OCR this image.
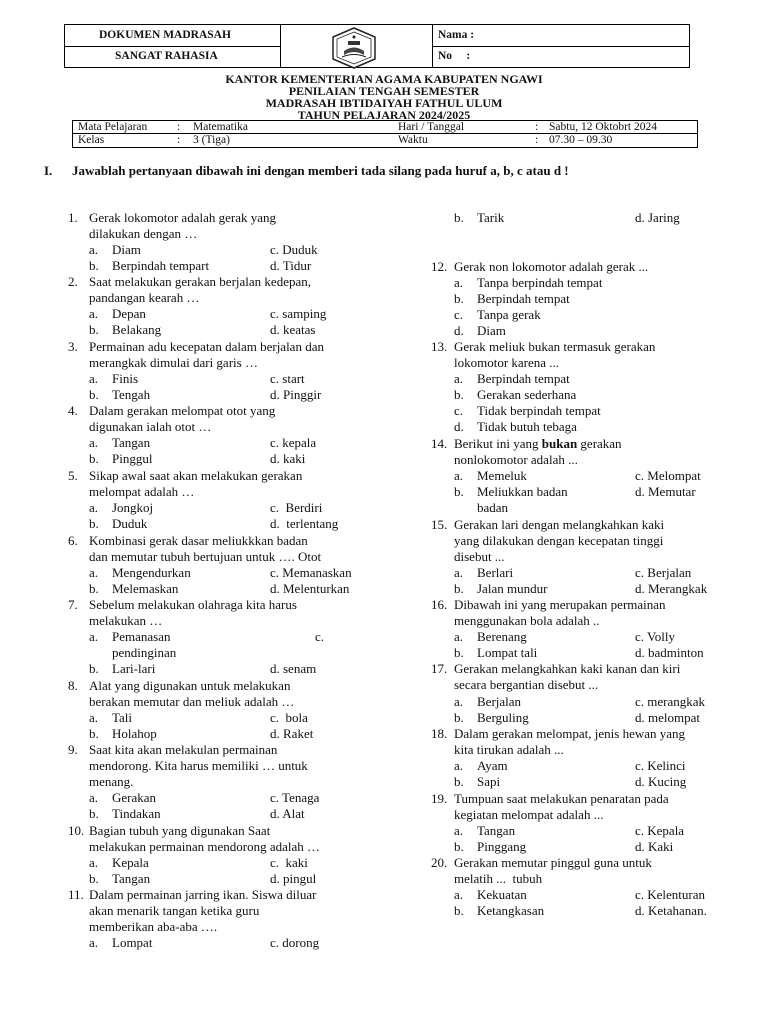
DOKUMEN MADRASAH
SANGAT RAHASIA
Nama :
No     :
KANTOR KEMENTERIAN AGAMA KABUPATEN NGAWI
PENILAIAN TENGAH SEMESTER
MADRASAH IBTIDAIYAH FATHUL ULUM
TAHUN PELAJARAN 2024/2025
Mata Pelajaran	: Matematika
Kelas	: 3 (Tiga)
Hari / Tanggal	: Sabtu, 12 Oktobrt 2024
Waktu	: 07.30 – 09.30
I. Jawablah pertanyaan dibawah ini dengan memberi tada silang pada huruf a, b, c atau d !
1. Gerak lokomotor adalah gerak yang
dilakukan dengan …
a. Diam	c. Duduk
b. Berpindah tempart	d. Tidur
2. Saat melakukan gerakan berjalan kedepan,
pandangan kearah …
a. Depan	c. samping
b. Belakang	d. keatas
3. Permainan adu kecepatan dalam berjalan dan
merangkak dimulai dari garis …
a. Finis	c. start
b. Tengah	d. Pinggir
4. Dalam gerakan melompat otot yang
digunakan ialah otot …
a. Tangan	c. kepala
b. Pinggul	d. kaki
5. Sikap awal saat akan melakukan gerakan
melompat adalah …
a. Jongkoj	c.  Berdiri
b. Duduk	d.  terlentang
6. Kombinasi gerak dasar meliukkkan badan
dan memutar tubuh bertujuan untuk …. Otot
a. Mengendurkan	c. Memanaskan
b. Melemaskan	d. Melenturkan
7. Sebelum melakukan olahraga kita harus
melakukan …
a. Pemanasan	c.
pendinginan
b. Lari-lari	d. senam
8. Alat yang digunakan untuk melakukan
berakan memutar dan meliuk adalah …
a. Tali	c.  bola
b. Holahop	d. Raket
9. Saat kita akan melakulan permainan
mendorong. Kita harus memiliki … untuk
menang.
a. Gerakan	c. Tenaga
b. Tindakan	d. Alat
10. Bagian tubuh yang digunakan Saat
melakukan permainan mendorong adalah …
a. Kepala	c.  kaki
b. Tangan	d. pingul
11. Dalam permainan jarring ikan. Siswa diluar
akan menarik tangan ketika guru
memberikan aba-aba ….
a. Lompat	c. dorong
b. Tarik	d. Jaring
12. Gerak non lokomotor adalah gerak ...
a. Tanpa berpindah tempat
b. Berpindah tempat
c. Tanpa gerak
d. Diam
13. Gerak meliuk bukan termasuk gerakan
lokomotor karena ...
a. Berpindah tempat
b. Gerakan sederhana
c. Tidak berpindah tempat
d. Tidak butuh tebaga
14. Berikut ini yang bukan gerakan
nonlokomotor adalah ...
a. Memeluk	c. Melompat
b. Meliukkan badan	d. Memutar
badan
15. Gerakan lari dengan melangkahkan kaki
yang dilakukan dengan kecepatan tinggi
disebut ...
a. Berlari	c. Berjalan
b. Jalan mundur	d. Merangkak
16. Dibawah ini yang merupakan permainan
menggunakan bola adalah ..
a. Berenang	c. Volly
b. Lompat tali	d. badminton
17. Gerakan melangkahkan kaki kanan dan kiri
secara bergantian disebut ...
a. Berjalan	c. merangkak
b. Berguling	d. melompat
18. Dalam gerakan melompat, jenis hewan yang
kita tirukan adalah ...
a. Ayam	c. Kelinci
b. Sapi	d. Kucing
19. Tumpuan saat melakukan penaratan pada
kegiatan melompat adalah ...
a. Tangan	c. Kepala
b. Pinggang	d. Kaki
20. Gerakan memutar pinggul guna untuk
melatih ...  tubuh
a. Kekuatan	c. Kelenturan
b. Ketangkasan	d. Ketahanan.
